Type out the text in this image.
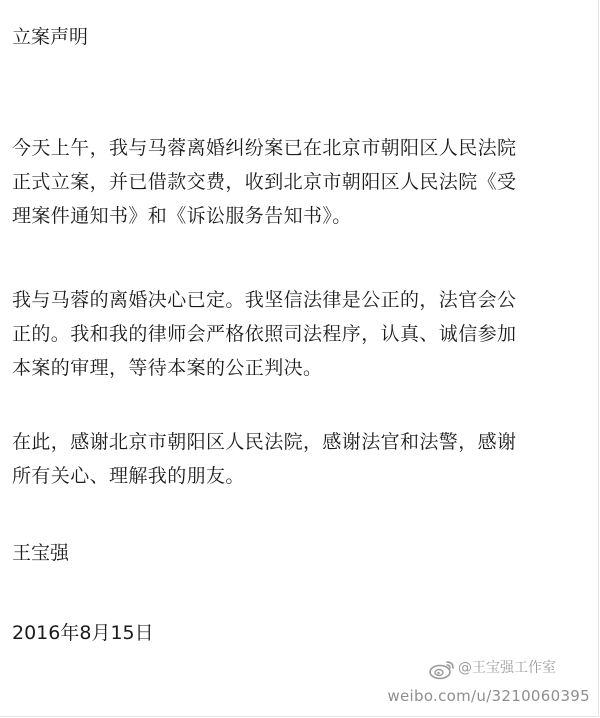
立案声明
今天上午，我与马蓉离婚纠纷案已在北京市朝阳区人民法院
正式立案，并已借款交费，收到北京市朝阳区人民法院《受
理案件通知书》和《诉讼服务告知书》。
我与马蓉的离婚决心已定。我坚信法律是公正的，法官会公
正的。我和我的律师会严格依照司法程序，认真、诚信参加
本案的审理，等待本案的公正判决。
在此，感谢北京市朝阳区人民法院，感谢法官和法警，感谢
所有关心、理解我的朋友。
王宝强
2016年8月15日
@王宝强工作室
weibo.com/u/3210060395
